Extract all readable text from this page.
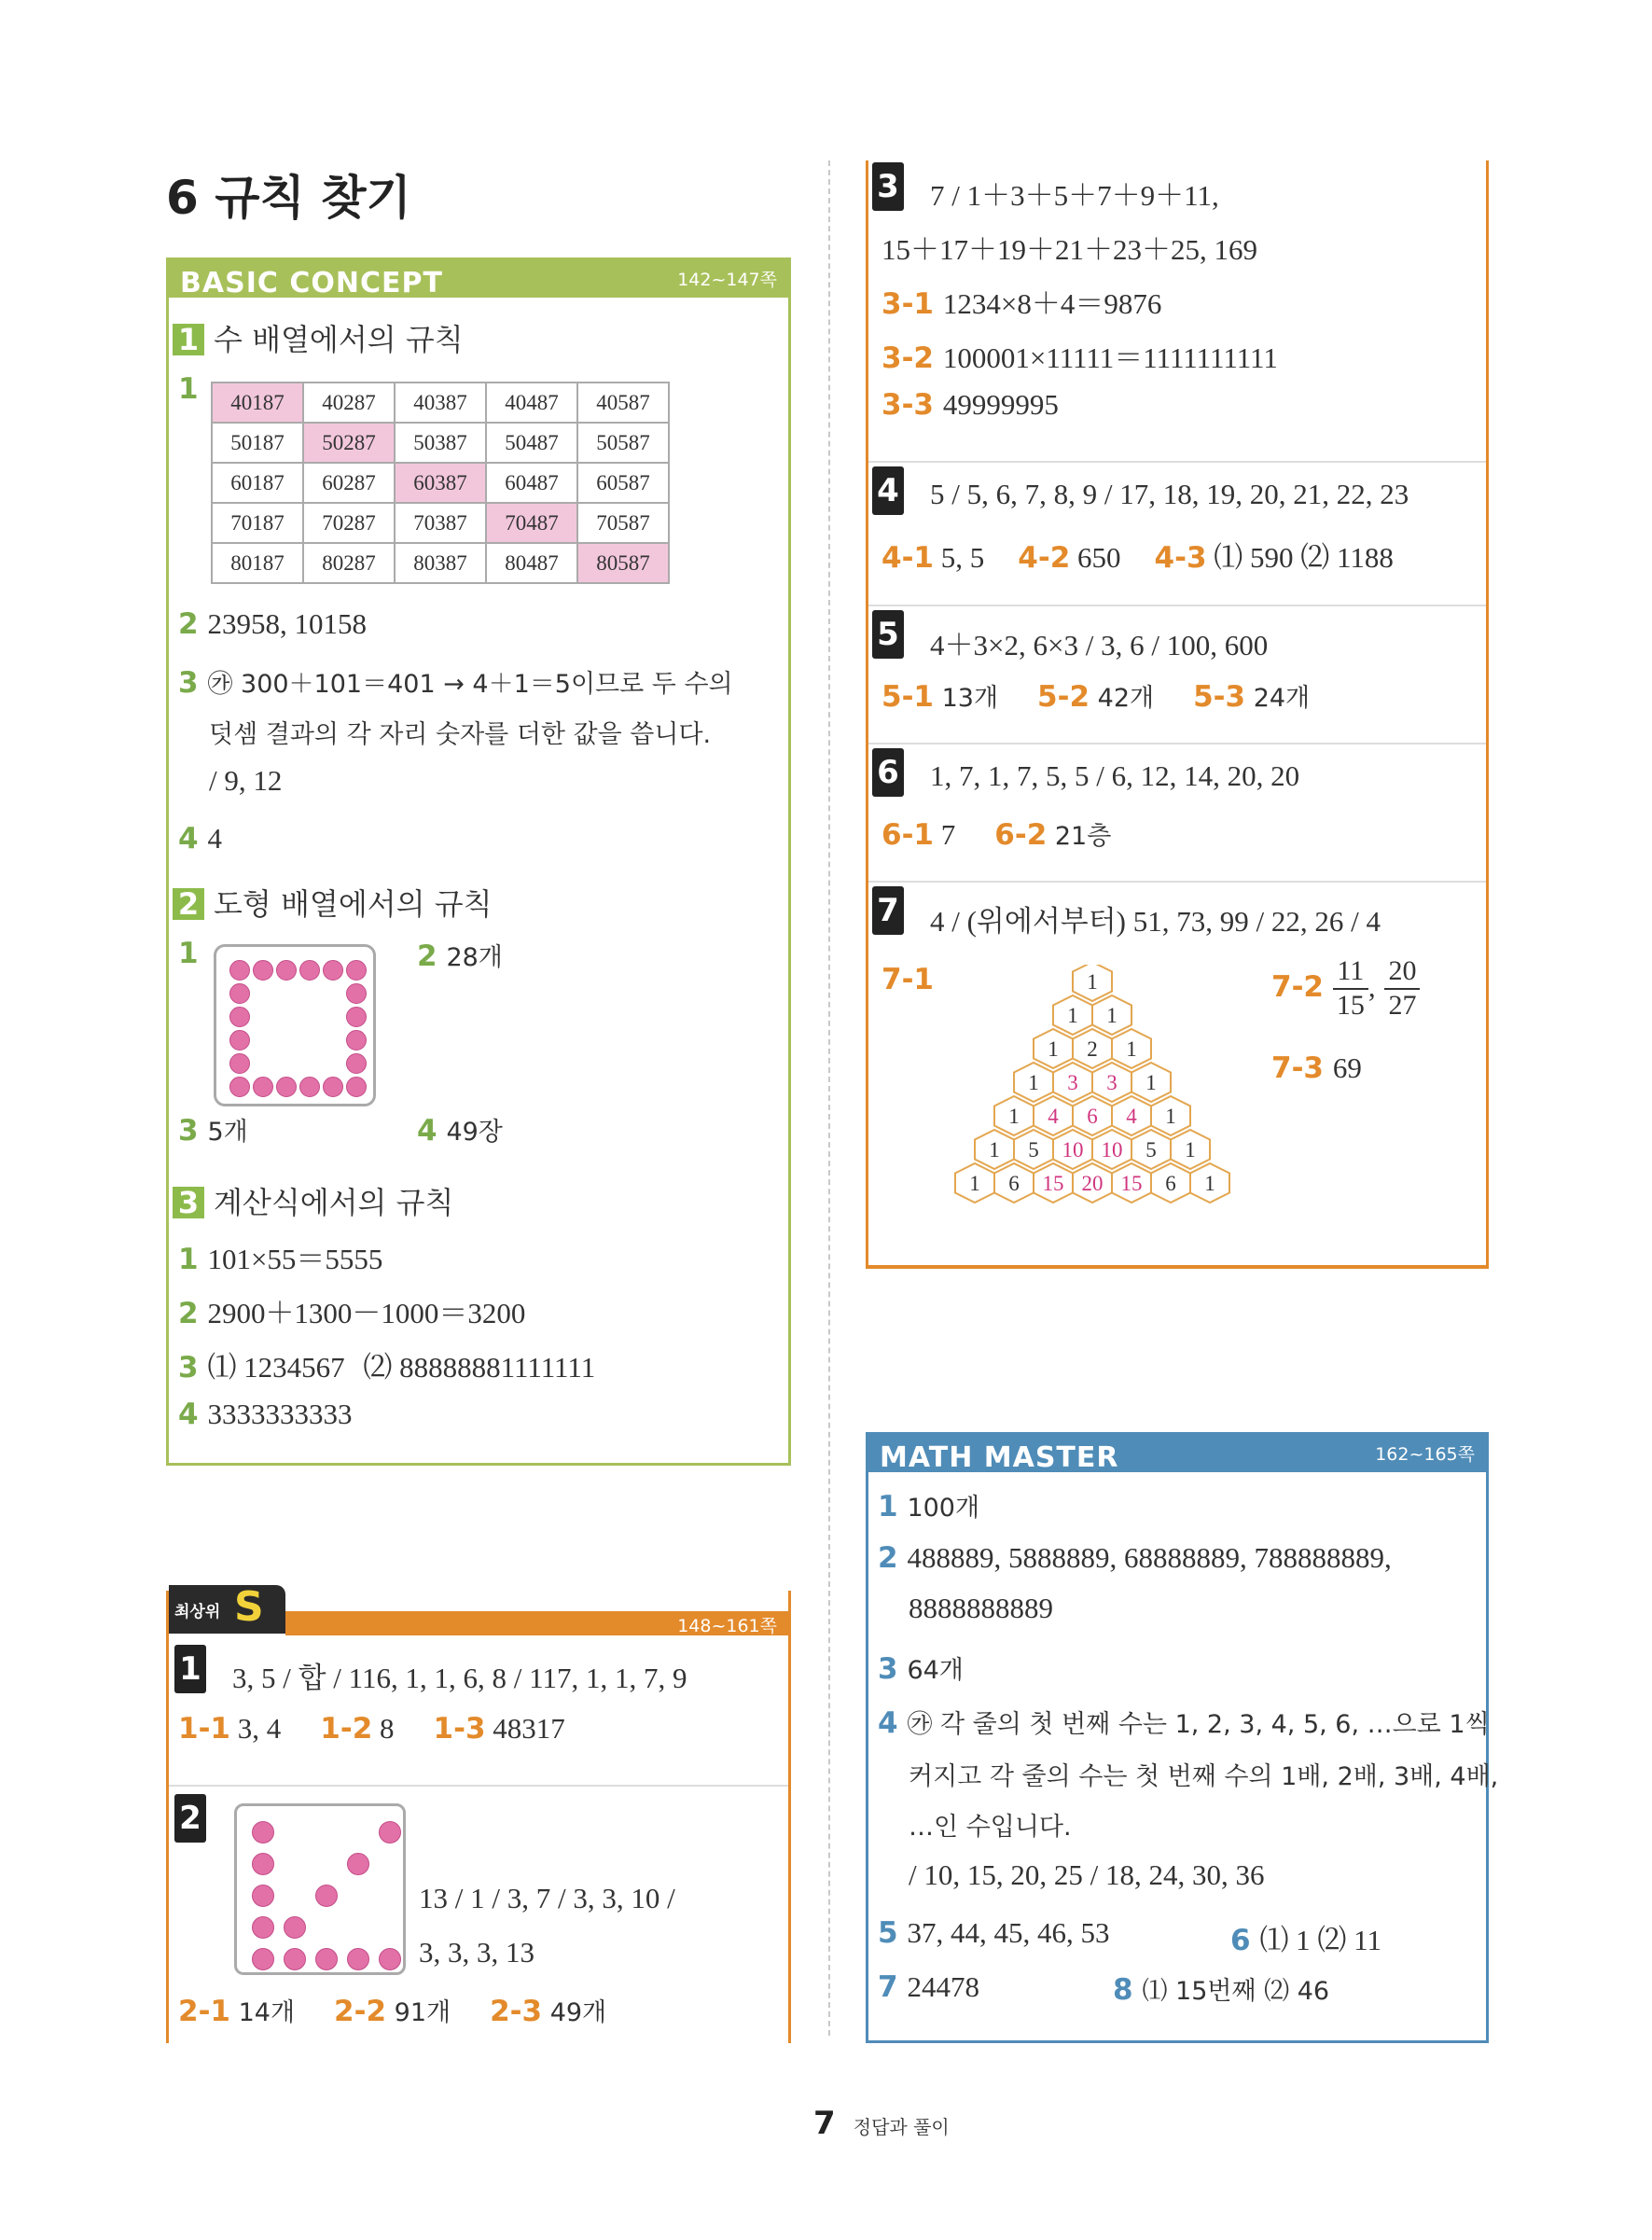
6 규칙 찾기
BASIC CONCEPT	142~147쪽
1 수 배열에서의 규칙
1 40187	40287	40387	40487	40587
50187	50287	50387	50487	50587
60187	60287	60387	60487	60587
70187	70287	70387	70487	70587
80187	80287	80387	80487	80587
2 23958, 10158
3 ㉮ 300＋101＝401 → 4＋1＝5이므로 두 수의
덧셈 결과의 각 자리 숫자를 더한 값을 씁니다.
/ 9, 12
4 4
2 도형 배열에서의 규칙
1	2 28개
3 5개	4 49장
3 계산식에서의 규칙
1 101×55＝5555
2 2900＋1300－1000＝3200
3 ⑴ 1234567 ⑵ 88888881111111
4 3333333333
최상위 S	148~161쪽
1 3, 5 / 합 / 116, 1, 1, 6, 8 / 117, 1, 1, 7, 9
1-1 3, 4 1-2 8 1-3 48317
2
13 / 1 / 3, 7 / 3, 3, 10 /
3, 3, 3, 13
2-1 14개 2-2 91개 2-3 49개
3 7 / 1＋3＋5＋7＋9＋11,
15＋17＋19＋21＋23＋25, 169
3-1 1234×8＋4＝9876
3-2 100001×11111＝1111111111
3-3 49999995
4 5 / 5, 6, 7, 8, 9 / 17, 18, 19, 20, 21, 22, 23
4-1 5, 5 4-2 650 4-3 ⑴ 590 ⑵ 1188
5 4＋3×2, 6×3 / 3, 6 / 100, 600
5-1 13개 5-2 42개 5-3 24개
6 1, 7, 1, 7, 5, 5 / 6, 12, 14, 20, 20
6-1 7 6-2 21층
7 4 / (위에서부터) 51, 73, 99 / 22, 26 / 4
7-1	1
1 1
1 2 1
1 3 3 1
1 4 6 4 1
1 5 10 10 5 1
1 6 15 20 15 6 1
$7-2 \frac{11}{15}$ , $\frac{20}{27}$
7-3 69
MATH MASTER	162~165쪽
1 100개
2 488889, 5888889, 68888889, 788888889,
8888888889
3 64개
4 ㉮ 각 줄의 첫 번째 수는 1, 2, 3, 4, 5, 6, …으로 1씩
커지고 각 줄의 수는 첫 번째 수의 1배, 2배, 3배, 4배,
…인 수입니다.
/ 10, 15, 20, 25 / 18, 24, 30, 36
5 37, 44, 45, 46, 53	6 ⑴ 1 ⑵ 11
7 24478	8 ⑴ 15번째 ⑵ 46
7 정답과 풀이
